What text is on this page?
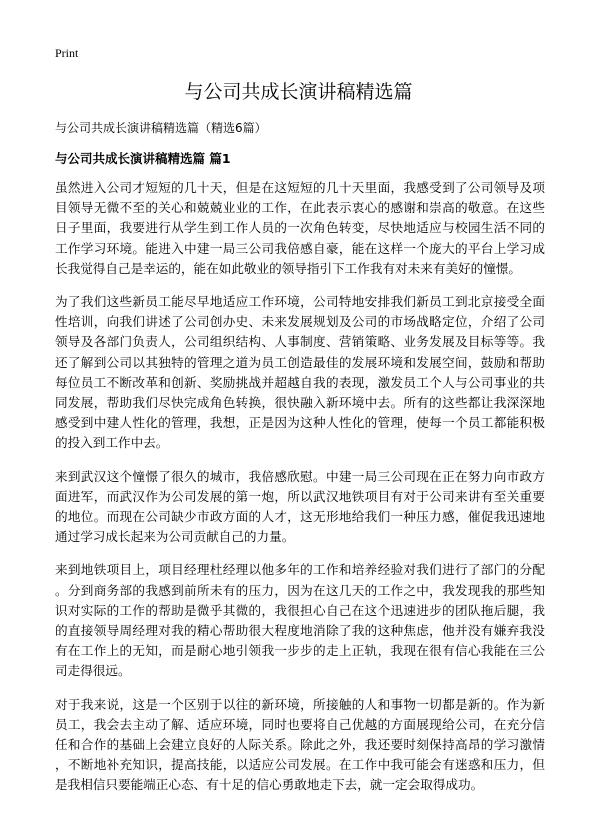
Print
与公司共成长演讲稿精选篇
与公司共成长演讲稿精选篇（精选6篇）
与公司共成长演讲稿精选篇 篇1

虽然进入公司才短短的几十天，但是在这短短的几十天里面，我感受到了公司领导及项目领导无微不至的关心和兢兢业业的工作，在此表示衷心的感谢和崇高的敬意。在这些日子里面，我要进行从学生到工作人员的一次角色转变，尽快地适应与校园生活不同的工作学习环境。能进入中建一局三公司我倍感自豪，能在这样一个庞大的平台上学习成长我觉得自己是幸运的，能在如此敬业的领导指引下工作我有对未来有美好的憧憬。

为了我们这些新员工能尽早地适应工作环境，公司特地安排我们新员工到北京接受全面性培训，向我们讲述了公司创办史、未来发展规划及公司的市场战略定位，介绍了公司领导及各部门负责人，公司组织结构、人事制度、营销策略、业务发展及目标等等。我还了解到公司以其独特的管理之道为员工创造最佳的发展环境和发展空间，鼓励和帮助每位员工不断改革和创新、奖励挑战并超越自我的表现，激发员工个人与公司事业的共同发展，帮助我们尽快完成角色转换，很快融入新环境中去。所有的这些都让我深深地感受到中建人性化的管理，我想，正是因为这种人性化的管理，使每一个员工都能积极的投入到工作中去。

来到武汉这个憧憬了很久的城市，我倍感欣慰。中建一局三公司现在正在努力向市政方面进军，而武汉作为公司发展的第一炮，所以武汉地铁项目有对于公司来讲有至关重要的地位。而现在公司缺少市政方面的人才，这无形地给我们一种压力感，催促我迅速地通过学习成长起来为公司贡献自己的力量。

来到地铁项目上，项目经理杜经理以他多年的工作和培养经验对我们进行了部门的分配。分到商务部的我感到前所未有的压力，因为在这几天的工作之中，我发现我的那些知识对实际的工作的帮助是微乎其微的，我很担心自己在这个迅速进步的团队拖后腿，我的直接领导周经理对我的精心帮助很大程度地消除了我的这种焦虑，他并没有嫌弃我没有在工作上的无知，而是耐心地引领我一步步的走上正轨，我现在很有信心我能在三公司走得很远。

对于我来说，这是一个区别于以往的新环境，所接触的人和事物一切都是新的。作为新员工，我会去主动了解、适应环境，同时也要将自己优越的方面展现给公司，在充分信任和合作的基础上会建立良好的人际关系。除此之外，我还要时刻保持高昂的学习激情，不断地补充知识，提高技能，以适应公司发展。在工作中我可能会有迷惑和压力，但是我相信只要能端正心态、有十足的信心勇敢地走下去，就一定会取得成功。
